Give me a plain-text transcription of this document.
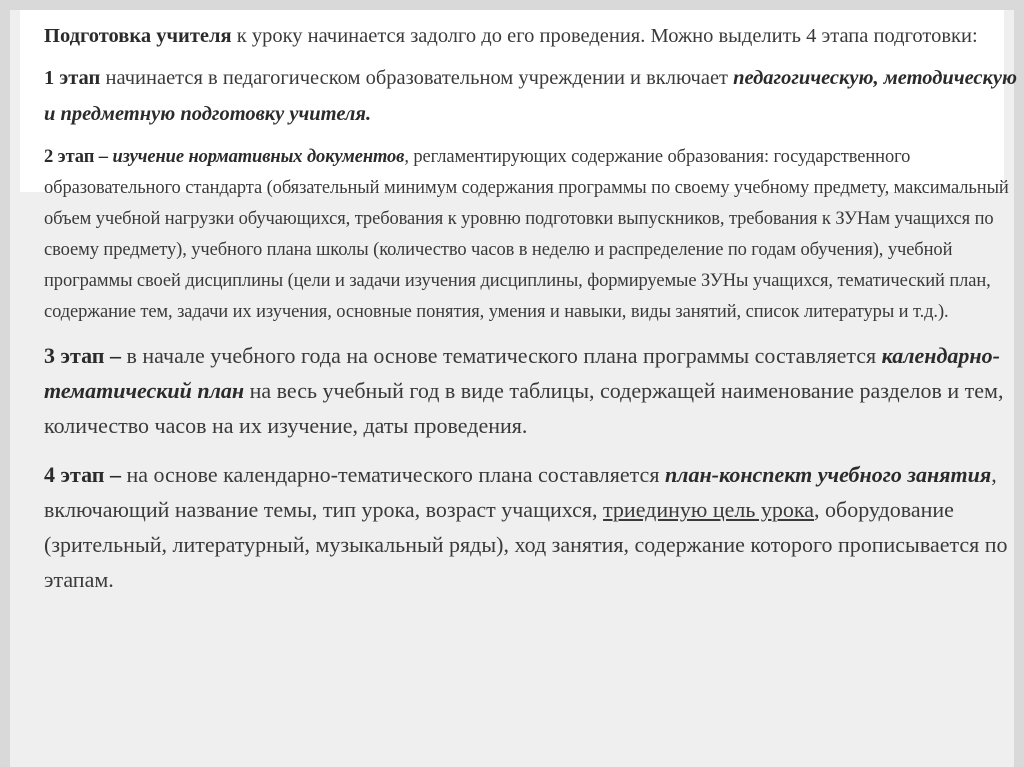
Подготовка учителя к уроку начинается задолго до его проведения. Можно выделить 4 этапа подготовки:

1 этап начинается в педагогическом образовательном учреждении и включает педагогическую, методическую и предметную подготовку учителя.

2 этап – изучение нормативных документов, регламентирующих содержание образования: государственного образовательного стандарта (обязательный минимум содержания программы по своему учебному предмету, максимальный объем учебной нагрузки обучающихся, требования к уровню подготовки выпускников, требования к ЗУНам учащихся по своему предмету), учебного плана школы (количество часов в неделю и распределение по годам обучения), учебной программы своей дисциплины (цели и задачи изучения дисциплины, формируемые ЗУНы учащихся, тематический план, содержание тем, задачи их изучения, основные понятия, умения и навыки, виды занятий, список литературы и т.д.).

3 этап – в начале учебного года на основе тематического плана программы составляется календарно-тематический план на весь учебный год в виде таблицы, содержащей наименование разделов и тем, количество часов на их изучение, даты проведения.

4 этап – на основе календарно-тематического плана составляется план-конспект учебного занятия, включающий название темы, тип урока, возраст учащихся, триединую цель урока, оборудование (зрительный, литературный, музыкальный ряды), ход занятия, содержание которого прописывается по этапам.
